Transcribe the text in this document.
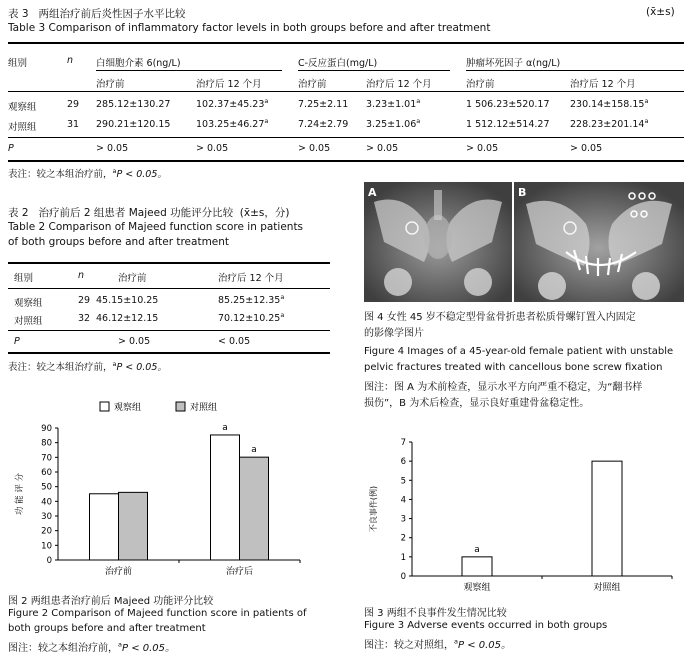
表 3 两组治疗前后炎性因子水平比较	(x̄±s)
Table 3 Comparison of inflammatory factor levels in both groups before and after treatment
组别	n 白细胞介素 6(ng/L)	C-反应蛋白(mg/L)	肿瘤坏死因子 α(ng/L)
治疗前	治疗后 12 个月	治疗前	治疗后 12 个月	治疗前	治疗后 12 个月
观察组	29 285.12±130.27	102.37±45.23$^a$	7.25±2.11 3.23±1.01$^a$	1 506.23±520.17 230.14±158.15$^a$
对照组	31 290.21±120.15	103.25±46.27$^a$	7.24±2.79 3.25±1.06$^a$	1 512.12±514.27 228.23±201.14$^a$
P	> 0.05	> 0.05	> 0.05	> 0.05	> 0.05	> 0.05
表注：较之本组治疗前，$^a$P < 0.05。
表 2 治疗前后 2 组患者 Majeed 功能评分比较 (x̄±s，分)
Table 2 Comparison of Majeed function score in patients
of both groups before and after treatment
组别	n	治疗前	治疗后 12 个月
观察组	29 45.15±10.25	85.25±12.35$^a$
对照组	32 46.12±12.15	70.12±10.25$^a$
P	> 0.05	< 0.05
表注：较之本组治疗前，$^a$P < 0.05。
A	B
图 4 女性 45 岁不稳定型骨盆骨折患者松质骨螺钉置入内固定
的影像学图片
Figure 4 Images of a 45-year-old female patient with unstable
pelvic fractures treated with cancellous bone screw fixation
图注：图 A 为术前检查，显示水平方向严重不稳定，为“翻书样
损伤”，B 为术后检查，显示良好重建骨盆稳定性。
0
10
20
30
40
50
60
70
80
90
功 能 评 分
治疗前
a
a
治疗后
观察组	对照组
图 2 两组患者治疗前后 Majeed 功能评分比较
Figure 2 Comparison of Majeed function score in patients of
both groups before and after treatment
图注：较之本组治疗前，$^a$P < 0.05。
0
1
2
3
4
5
6
7
不良事件(例)
a
观察组	对照组
图 3 两组不良事件发生情况比较
Figure 3 Adverse events occurred in both groups
图注：较之对照组，$^a$P < 0.05。
